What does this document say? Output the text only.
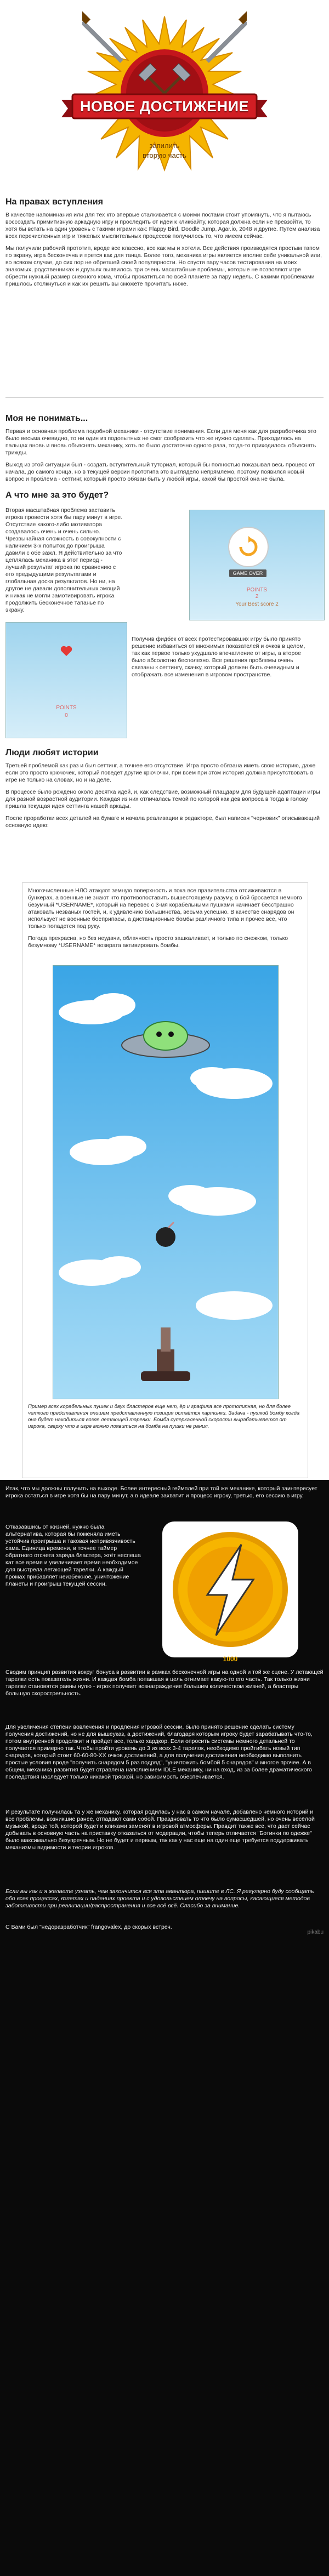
НОВОЕ ДОСТИЖЕНИЕ
запилить
вторую часть
На правах вступления

В качестве напоминания или для тех кто впервые сталкивается с моими постами стоит упомянуть, что я пытаюсь воссоздать примитивную аркадную игру и проследить от идеи к кликбайту, которая должна если не превзойти, то хотя бы встать на один уровень с такими играми как: Flappy Bird, Doodle Jump, Agar.io, 2048 и другие. Путем анализа всех перечисленных игр и тяжелых мыслительных процессов получилось то, что имеем сейчас.

Мы получили рабочий прототип, вроде все классно, все как мы и хотели. Все действия производятся простым тапом по экрану, игра бесконечна и прется как для танца. Более того, механика игры является вполне себе уникальной или, во всяком случае, до сих пор не обретшей своей популярности. Но спустя пару часов тестирования на моих знакомых, родственниках и друзьях выявилось три очень масштабные проблемы, которые не позволяют игре обрести нужный размер снежного кома, чтобы прокатиться по всей планете за пару недель. С какими проблемами пришлось столкнуться и как их решить вы сможете прочитать ниже.

Моя не понимать...

Первая и основная проблема подобной механики - отсутствие понимания. Если для меня как для разработчика это было весьма очевидно, то ни один из подопытных не смог сообразить что же нужно сделать. Приходилось на пальцах вновь и вновь объяснять механику, хоть по было достаточно одного раза, тогда-то приходилось объяснять трижды.

Выход из этой ситуации был - создать вступительный туториал, который бы полностью показывал весь процесс от начала, до самого конца, но в текущей версии прототипа это выглядело непрямлемо, поэтому появился новый вопрос и проблема - сеттинг, который просто обязан быть у любой игры, какой бы простой она не была.

А что мне за это будет?

Вторая масштабная проблема заставить игрока провести хотя бы пару минут в игре. Отсутствие какого-либо мотиватора создавалось очень и очень сильно. Чрезвычайная сложность в совокупности с наличием 3-х попыток до проигрыша давили с обе зажл. Я действительно за что цеплялась механика в этот период - лучший результат игрока по сравнению с его предыдущими результатами и глобальная доска результатов. Но ни, на другое не давали дополнительных эмоций и никак не могли замотивировать игрока продолжить бесконечное тапанье по экрану.

GAME OVER
POINTS
2
Your Best score 2
POINTS
0

Получив фидбек от всех протестировавших игру было принято решение избавиться от множимых показателей и очков в целом, так как первое только ухудшало впечатление от игры, а второе было абсолютно бесполезно. Все решения проблемы очень связаны к сеттингу, скачку, который должен быть очевидным и отображать все изменения в игровом пространстве.

Люди любят истории

Третьей проблемой как раз и был сеттинг, а точнее его отсутствие. Игра просто обязана иметь свою историю, даже если это просто крючочек, который поведет другие крючочки, при всем при этом история должна присутствовать в игре не только на словах, но и на деле.

В процессе было рождено около десятка идей, и, как следствие, возможный плацдарм для будущей адаптации игры для разной возрастной аудитории. Каждая из них отличалась темой по которой как дев вопроса в тогда в голову пришла текущая идея сеттинга нашей аркады.

После проработки всех деталей на бумаге и начала реализации в редакторе, был написан "черновик" описывающий основную идею:

Многочисленные НЛО атакуют земную поверхность и пока все правительства отсиживаются в бункерах, а военные не знают что противопоставить вышестоящему разуму, в бой бросается немного безумный *USERNAME*, который на перевес с 3-мя корабельными пушками начинает бесстрашно атаковать незваных гостей, и, к удивлению большинства, весьма успешно. В качестве снарядов он использует не военные боеприпасы, а дистанционные бомбы различного типа и прочее все, что только попадется под руку.

Погода прекрасна, но без неудачи, облачность просто зашкаливает, и только по снежком, только безумному *USERNAME* возврата активировать бомбы.

Пример всех корабельных пушек и двух бластеров еще нет, ёр и графика все протопипная, но для более четкого представления опишем представленную позиция остаётся картинки. Задача - пушкой бомбу когда она будет находиться возле летающей тарелки. Бомба суперкаленной скорости вырабатывается от игрока, сверху что в игре можно появиться на бомба на пушки не ранил.

Итак, что мы должны получить на выходе. Более интересный геймплей при той же механике, который заинтересует игрока остаться в игре хотя бы на пару минут, а в идеале захватит и процесс игроку, третью, его сессию в игру.

Отказавшись от жизней, нужно была альтернатива, которая бы поменяла иметь устойчив проигрыша и таковая непривязчивость сама. Единица времени, в точнее таймер обратного отсчета заряда бластера, жгёт неспеша кат все время и увеличивает время необходимое для выстрела летающей тарелки. А каждый промах прибавляет неизбежное, уничтожение планеты и проигрыш текущей сессии.

1000

Сводим принцип развития вокруг бонуса в развитии в рамках бесконечной игры на одной и той же сцене. У летающей тарелки есть показатель жизни. И каждая бомба попавшая в цель отнимает какую-то его часть. Так только жизни тарелки становятся равны нулю - игрок получает вознаграждение большим количеством жизней, а бластеры большую скорострельность.

Для увеличения степени вовлечения и продления игровой сессии, было принято решение сделать систему получения достижений, но не для вышеуказ, а достижений, благодаря которым игроку будет зарабатывать что-то, потом внутренней продолжит и пройдет все, только хардкор. Если опросить системы немного детальней то получается примерно так. Чтобы пройти уровень до 3 из всех 3-4 тарелок, необходимо пройтибать новый тип снарядов, который стоит 60-60-80-XX очков достижений, а для получения достижения необходимо выполнить простые условия вроде "получить снарядом 5 раз подряд", "уничтожить бомбой 5 снарядов" и многое прочее. А в общем, механика развития будет отравлена наполнением IDLE механику, ни на вход, из за более драматического последствия наследует только никакой тряской, но зависимость обеспечивается.

И результате получилась та у же механику, которая родилась у нас в самом начале, добавлено немного историй и все проблемы, возникшие ранее, отпадают сами собой. Праздновать то что было сумасшедшей, но очень весёлой музыкой, вроде той, которой будет и кликами заменят в игровой атмосферы. Правдит также все, что дает сейчас добывать в основную часть на приставку отказаться от модерации, чтобы теперь отличается "Ботинки по одежке" было максимально безупречным. Но не будет и первым, так как у нас еще на один еще требуется поддерживать механизмы видимости и теории игроков.

Если вы как и я желаете узнать, чем закончится вся эта авантюра, пишите в ЛС. Я регулярно буду сообщать обо всех процессах, взлетах и падениях проекта и с удовольствием отвечу на вопросы, касающиеся методов заботливости при реализации/распространения и все всё всё. Спасибо за внимание.

С Вами был "недоразработчик" frangovaleх, до скорых встреч.

pikabu
